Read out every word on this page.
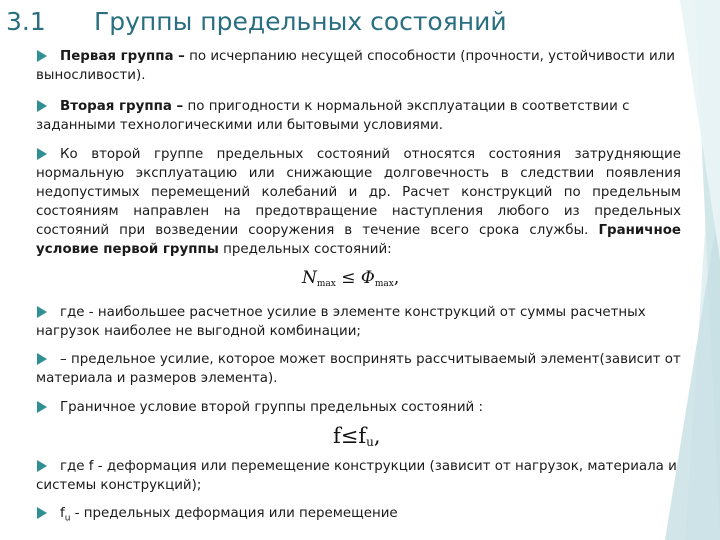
3.1	Группы предельных состояний

Первая группа – по исчерпанию несущей способности (прочности, устойчивости или выносливости).

Вторая группа – по пригодности к нормальной эксплуатации в соответствии с заданными технологическими или бытовыми условиями.

Ко второй группе предельных состояний относятся состояния затрудняющие нормальную эксплуатацию или снижающие долговечность в следствии появления недопустимых перемещений колебаний и др. Расчет конструкций по предельным состояниям направлен на предотвращение наступления любого из предельных состояний при возведении сооружения в течение всего срока службы. Граничное условие первой группы предельных состояний:

$N_{max} \le \Phi_{max}$,

где - наибольшее расчетное усилие в элементе конструкций от суммы расчетных нагрузок наиболее не выгодной комбинации;

– предельное усилие, которое может воспринять рассчитываемый элемент(зависит от материала и размеров элемента).

Граничное условие второй группы предельных состояний :

$f\le f_u$,

где f - деформация или перемещение конструкции (зависит от нагрузок, материала и системы конструкций);

$f_u$ - предельных деформация или перемещение
